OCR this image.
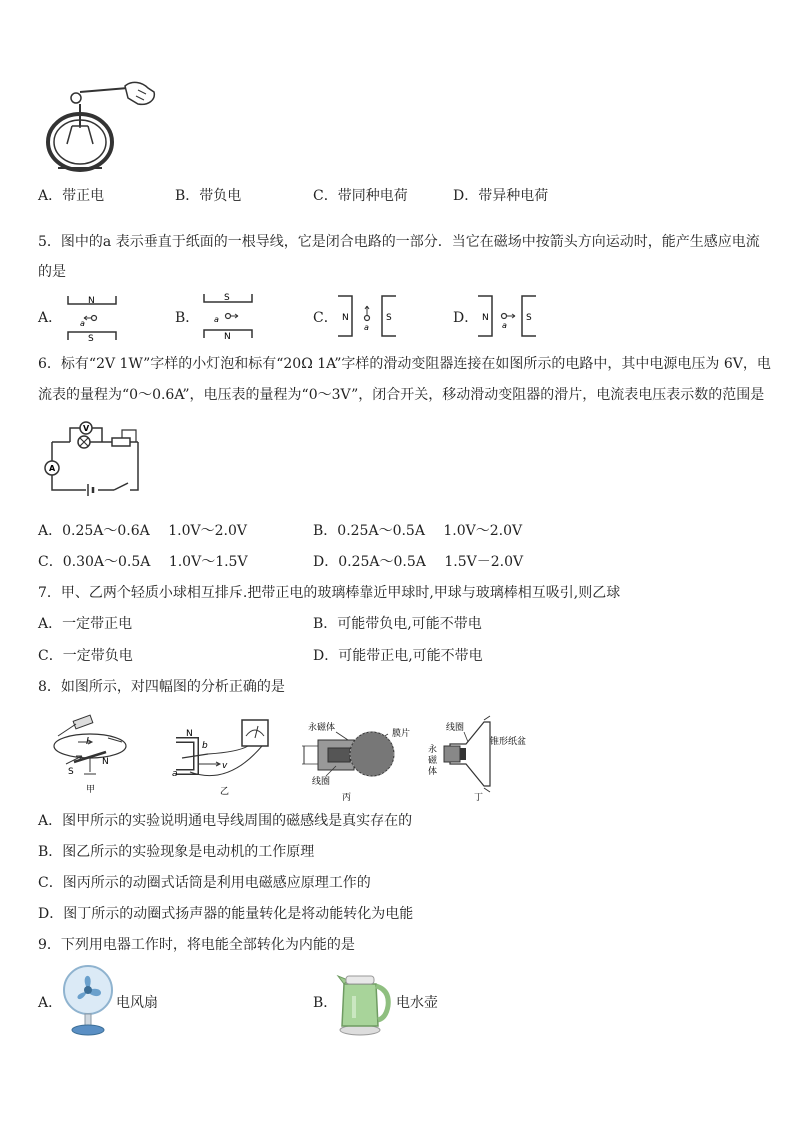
A．带正电	B．带负电	C．带同种电荷	D．带异种电荷
5．图中的a 表示垂直于纸面的一根导线，它是闭合电路的一部分．当它在磁场中按箭头方向运动时，能产生感应电流
的是
A．
N
S
a	B．
S
N
a	C． N	S
a
D． N	S
a
6．标有“2V 1W”字样的小灯泡和标有“20Ω 1A”字样的滑动变阻器连接在如图所示的电路中，其中电源电压为 6V，电
流表的量程为“0～0.6A”，电压表的量程为“0～3V”，闭合开关，移动滑动变阻器的滑片，电流表电压表示数的范围是
V
A
A．0.25A～0.6A　 1.0V～2.0V	B．0.25A～0.5A　 1.0V～2.0V
C．0.30A～0.5A　 1.0V～1.5V	D．0.25A～0.5A　 1.5V－2.0V
7．甲、乙两个轻质小球相互排斥.把带正电的玻璃棒靠近甲球时,甲球与玻璃棒相互吸引,则乙球
A．一定带正电	B．可能带负电,可能不带电
C．一定带负电	D．可能带正电,可能不带电
8．如图所示，对四幅图的分析正确的是
I
S
N
甲
N
b
a
v
乙
永磁体
膜片
线圈
丙
线圈
锥形纸盆
永
磁
体
丁
A．图甲所示的实验说明通电导线周围的磁感线是真实存在的
B．图乙所示的实验现象是电动机的工作原理
C．图丙所示的动圈式话筒是利用电磁感应原理工作的
D．图丁所示的动圈式扬声器的能量转化是将动能转化为电能
9．下列用电器工作时，将电能全部转化为内能的是
A．	电风扇	B．	电水壶
